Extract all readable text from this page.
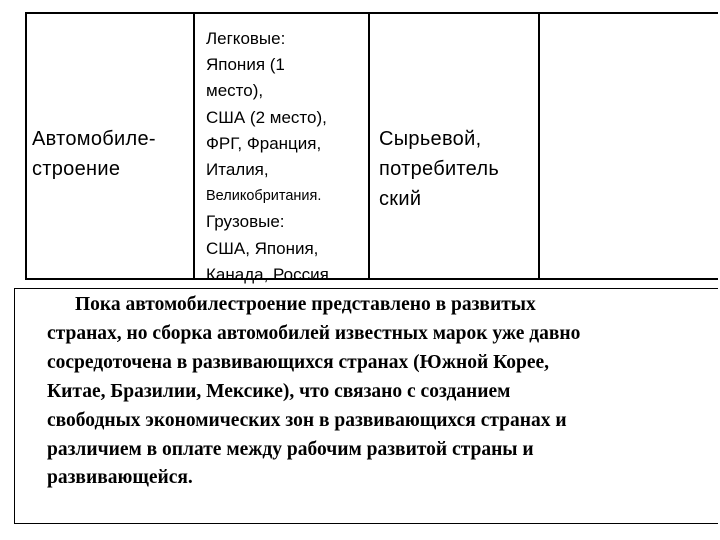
Автомобиле-
строение
Легковые:
Япония (1
место),
США (2 место),
ФРГ, Франция,
Италия,
Великобритания.
Грузовые:
США, Япония,
Канада, Россия
Сырьевой,
потребитель
ский
Пока автомобилестроение представлено в развитых
странах, но сборка автомобилей известных марок уже давно
сосредоточена в развивающихся странах (Южной Корее,
Китае, Бразилии, Мексике), что связано с созданием
свободных экономических зон в развивающихся странах и
различием в оплате между рабочим развитой страны и
развивающейся.
